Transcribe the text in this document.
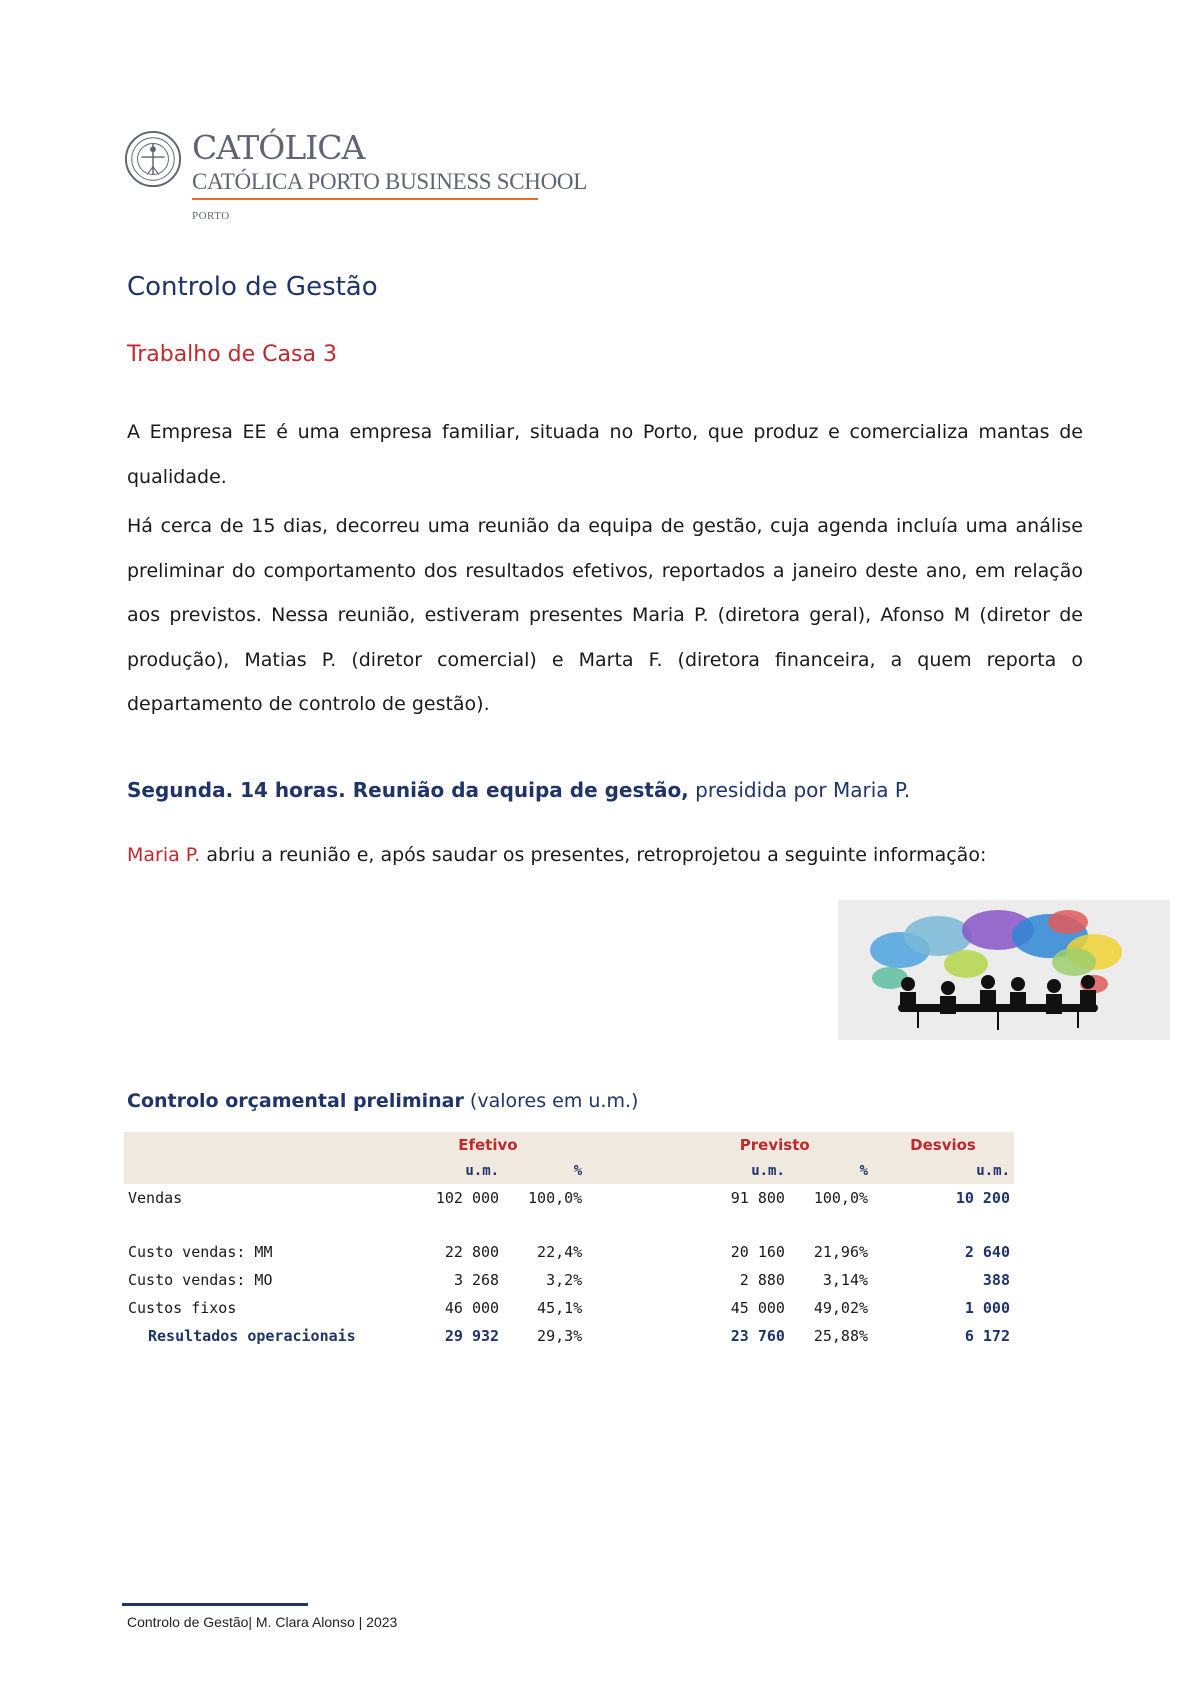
CATÓLICA
CATÓLICA PORTO BUSINESS SCHOOL
PORTO
Controlo de Gestão
Trabalho de Casa 3

A Empresa EE é uma empresa familiar, situada no Porto, que produz e comercializa mantas de qualidade.

Há cerca de 15 dias, decorreu uma reunião da equipa de gestão, cuja agenda incluía uma análise preliminar do comportamento dos resultados efetivos, reportados a janeiro deste ano, em relação aos previstos. Nessa reunião, estiveram presentes Maria P. (diretora geral), Afonso M (diretor de produção), Matias P. (diretor comercial) e Marta F. (diretora financeira, a quem reporta o departamento de controlo de gestão).

Segunda. 14 horas. Reunião da equipa de gestão, presidida por Maria P.

Maria P. abriu a reunião e, após saudar os presentes, retroprojetou a seguinte informação:

Controlo orçamental preliminar (valores em u.m.)

	Efetivo			Previsto		Desvios
	u.m.	%		u.m.	%	u.m.
Vendas	102 000	100,0%		91 800	100,0%	10 200

Custo vendas: MM	22 800	22,4%		20 160	21,96%	2 640
Custo vendas: MO	3 268	3,2%		2 880	3,14%	388
Custos fixos	46 000	45,1%		45 000	49,02%	1 000
Resultados operacionais	29 932	29,3%		23 760	25,88%	6 172

Controlo de Gestão| M. Clara Alonso | 2023
